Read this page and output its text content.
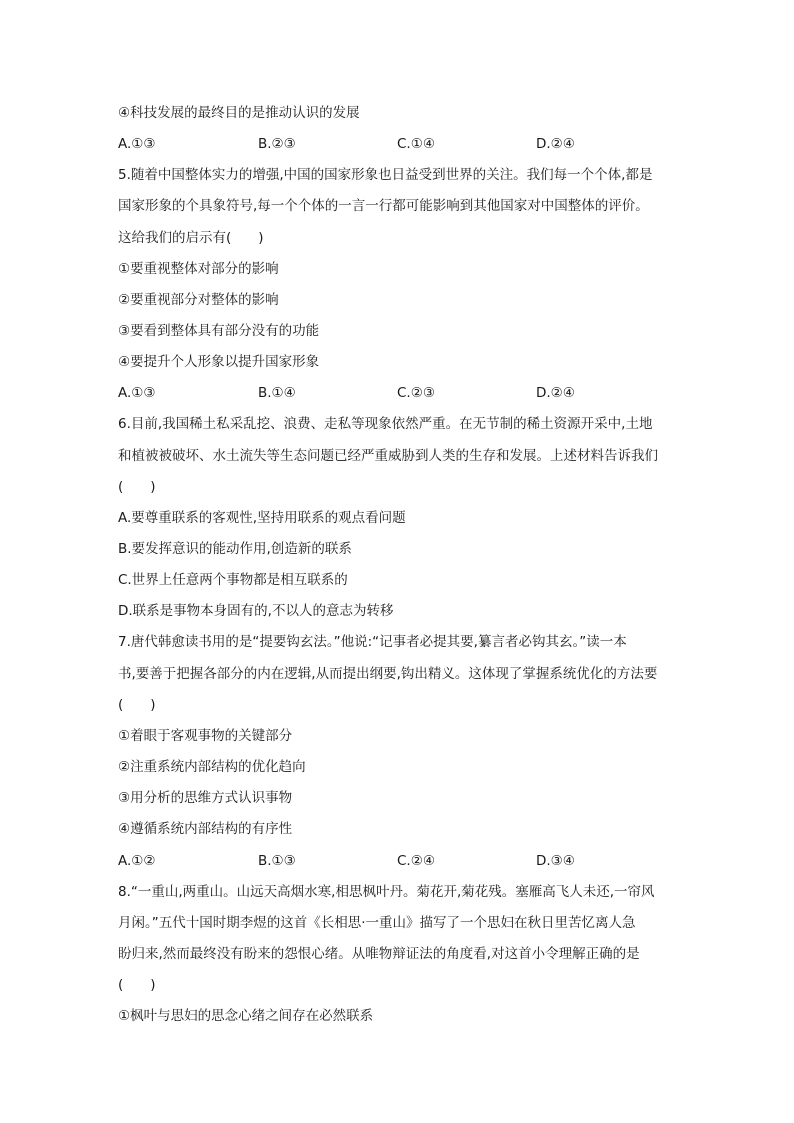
④科技发展的最终目的是推动认识的发展
A.①③	B.②③	C.①④	D.②④
5.随着中国整体实力的增强,中国的国家形象也日益受到世界的关注。我们每一个个体,都是
国家形象的个具象符号,每一个个体的一言一行都可能影响到其他国家对中国整体的评价。
这给我们的启示有(　　)
①要重视整体对部分的影响
②要重视部分对整体的影响
③要看到整体具有部分没有的功能
④要提升个人形象以提升国家形象
A.①③	B.①④	C.②③	D.②④
6.目前,我国稀土私采乱挖、浪费、走私等现象依然严重。在无节制的稀土资源开采中,土地
和植被被破坏、水土流失等生态问题已经严重威胁到人类的生存和发展。上述材料告诉我们
(　　)
A.要尊重联系的客观性,坚持用联系的观点看问题
B.要发挥意识的能动作用,创造新的联系
C.世界上任意两个事物都是相互联系的
D.联系是事物本身固有的,不以人的意志为转移
7.唐代韩愈读书用的是“提要钩玄法。”他说:“记事者必提其要,纂言者必钩其玄。”读一本
书,要善于把握各部分的内在逻辑,从而提出纲要,钩出精义。这体现了掌握系统优化的方法要
(　　)
①着眼于客观事物的关键部分
②注重系统内部结构的优化趋向
③用分析的思维方式认识事物
④遵循系统内部结构的有序性
A.①②	B.①③	C.②④	D.③④
8.“一重山,两重山。山远天高烟水寒,相思枫叶丹。菊花开,菊花残。塞雁高飞人未还,一帘风
月闲。”五代十国时期李煜的这首《长相思·一重山》描写了一个思妇在秋日里苦忆离人急
盼归来,然而最终没有盼来的怨恨心绪。从唯物辩证法的角度看,对这首小令理解正确的是
(　　)
①枫叶与思妇的思念心绪之间存在必然联系
